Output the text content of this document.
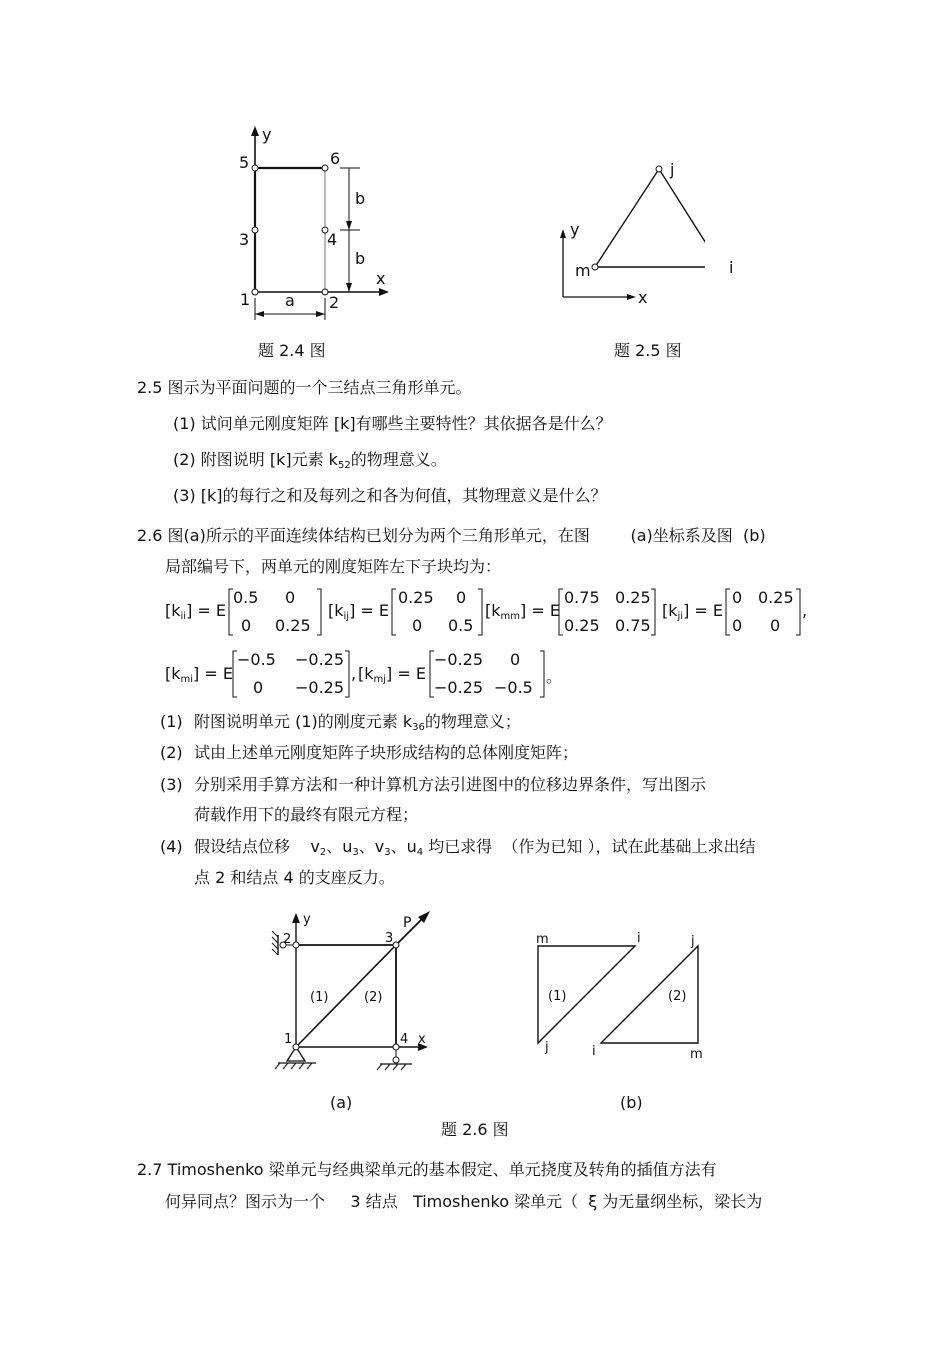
y
x
1	2
3	4
5	6
b
b
a
题 2.4 图
y
x
m	i
j
题 2.5 图
2.5 图示为平面问题的一个三结点三角形单元。
(1) 试问单元刚度矩阵 [k]有哪些主要特性？其依据各是什么？
(2) 附图说明 [k]元素 $k_{52}$的物理意义。
(3) [k]的每行之和及每列之和各为何值，其物理意义是什么？
2.6 图(a)所示的平面连续体结构已划分为两个三角形单元，在图        (a)坐标系及图  (b)
局部编号下，两单元的刚度矩阵左下子块均为：
$[k_{ii}] = E$
0.5 0
0 0.25
$[k_{ij}] = E$
0.25 0
0 0.5
$[k_{mm}] = E$
0.75 0.25
0.25 0.75
$[k_{ji}] = E$
0 0.25
0 0
,
$[k_{mi}] = E$
−0.5 −0.25
0 −0.25
, $[k_{mj}] = E$
−0.25 0
−0.25 −0.5
。
(1) 附图说明单元 (1)的刚度元素 $k_{36}$的物理意义；
(2) 试由上述单元刚度矩阵子块形成结构的总体刚度矩阵；
(3) 分别采用手算方法和一种计算机方法引进图中的位移边界条件，写出图示
荷载作用下的最终有限元方程；
(4) 假设结点位移    $v_2$、$u_3$、$v_3$、$u_4$ 均已求得  （作为已知 ），试在此基础上求出结
点 2 和结点 4 的支座反力。
y
x
P
1
2	3
4
(1)	(2)
(a)
m	i
j
(1)
j
i	m
(2)
(b)
题 2.6 图
2.7 Timoshenko 梁单元与经典梁单元的基本假定、单元挠度及转角的插值方法有
何异同点？图示为一个     3 结点   Timoshenko 梁单元（  ξ 为无量纲坐标，梁长为
